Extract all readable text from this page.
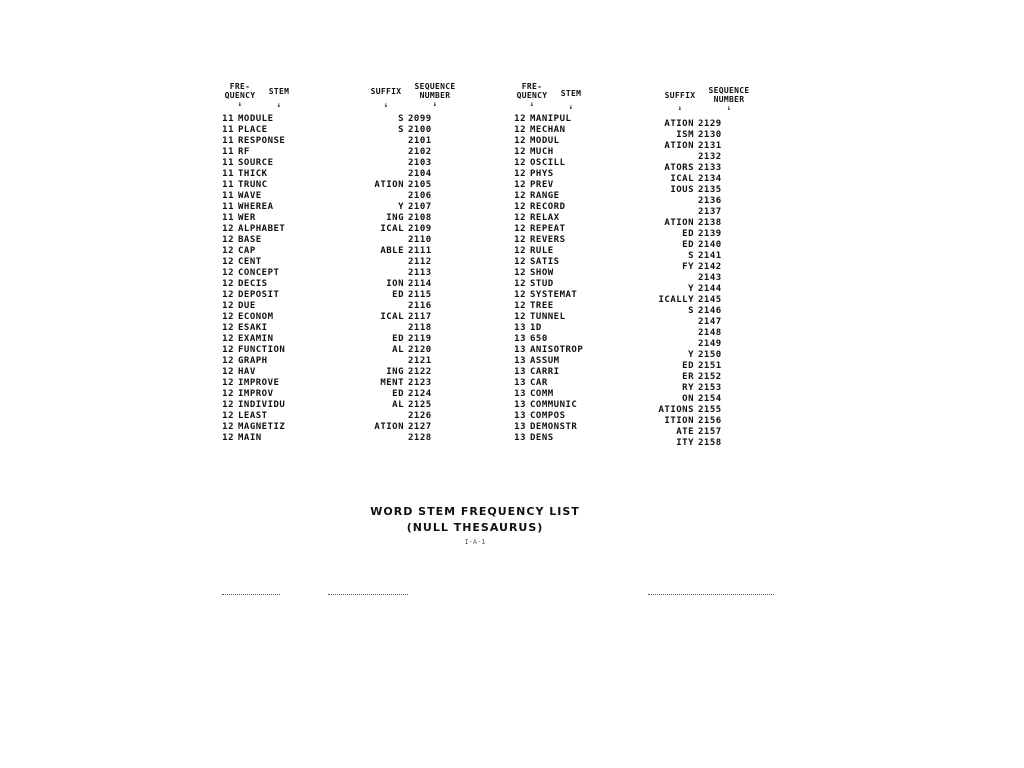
FRE-
QUENCY
↓
STEM
↓
SUFFIX
↓
SEQUENCE
NUMBER
↓
FRE-
QUENCY
↓
STEM
↓
SUFFIX
↓
SEQUENCE
NUMBER
↓
11 MODULE
11 PLACE
11 RESPONSE
11 RF
11 SOURCE
11 THICK
11 TRUNC
11 WAVE
11 WHEREA
11 WER
12 ALPHABET
12 BASE
12 CAP
12 CENT
12 CONCEPT
12 DECIS
12 DEPOSIT
12 DUE
12 ECONOM
12 ESAKI
12 EXAMIN
12 FUNCTION
12 GRAPH
12 HAV
12 IMPROVE
12 IMPROV
12 INDIVIDU
12 LEAST
12 MAGNETIZ
12 MAIN
S 2099
S 2100
2101
2102
2103
2104
ATION 2105
2106
Y 2107
ING 2108
ICAL 2109
2110
ABLE 2111
2112
2113
ION 2114
ED 2115
2116
ICAL 2117
2118
ED 2119
AL 2120
2121
ING 2122
MENT 2123
ED 2124
AL 2125
2126
ATION 2127
2128
12 MANIPUL
12 MECHAN
12 MODUL
12 MUCH
12 OSCILL
12 PHYS
12 PREV
12 RANGE
12 RECORD
12 RELAX
12 REPEAT
12 REVERS
12 RULE
12 SATIS
12 SHOW
12 STUD
12 SYSTEMAT
12 TREE
12 TUNNEL
13 1D
13 650
13 ANISOTROP
13 ASSUM
13 CARRI
13 CAR
13 COMM
13 COMMUNIC
13 COMPOS
13 DEMONSTR
13 DENS
ATION 2129
ISM 2130
ATION 2131
2132
ATORS 2133
ICAL 2134
IOUS 2135
2136
2137
ATION 2138
ED 2139
ED 2140
S 2141
FY 2142
2143
Y 2144
ICALLY 2145
S 2146
2147
2148
2149
Y 2150
ED 2151
ER 2152
RY 2153
ON 2154
ATIONS 2155
ITION 2156
ATE 2157
ITY 2158
WORD STEM FREQUENCY LIST
(NULL THESAURUS)
I-A-1
